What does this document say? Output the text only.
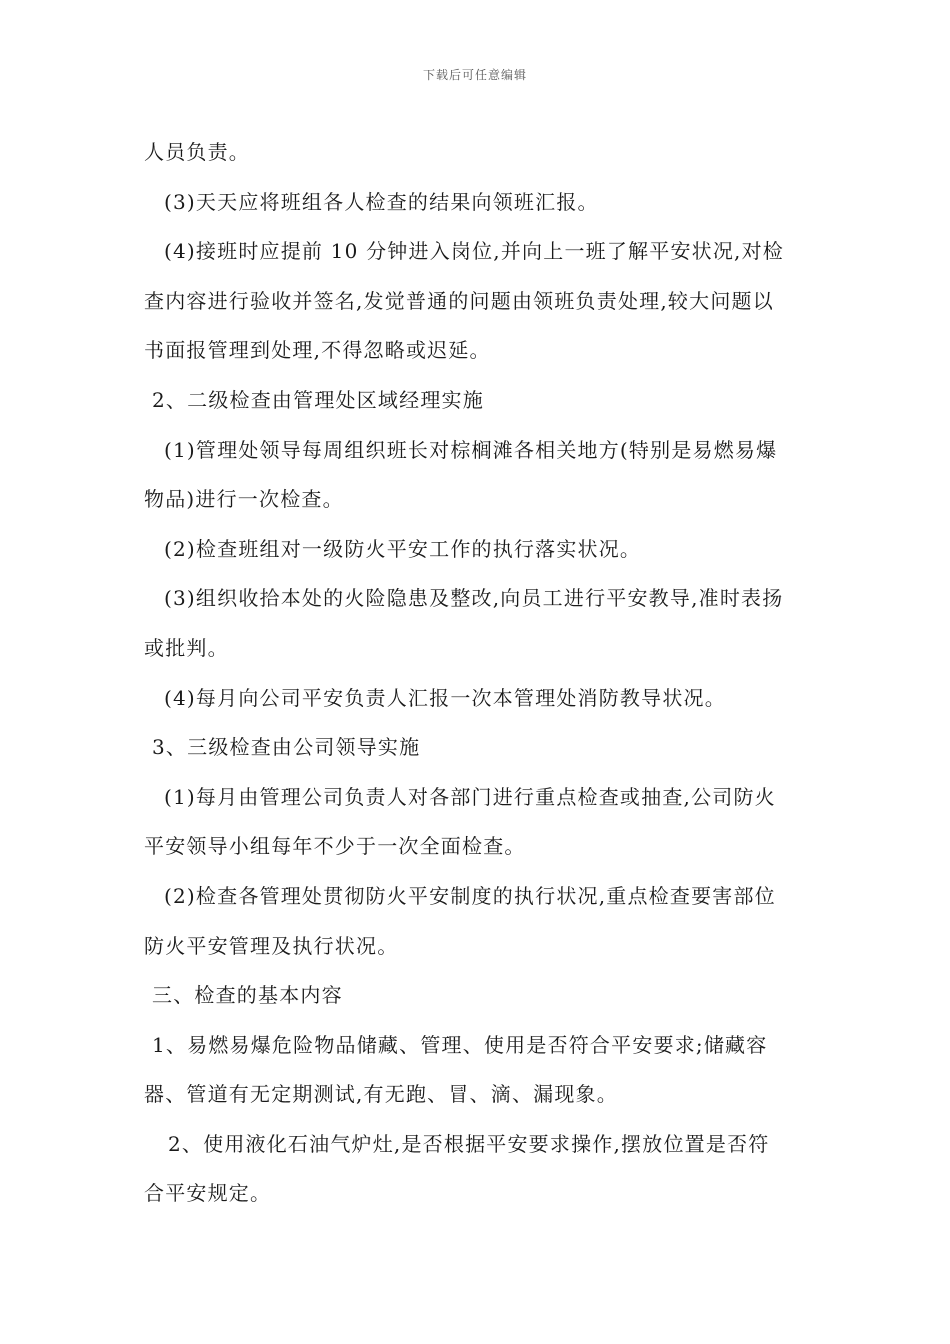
下载后可任意编辑
人员负责。
(3)天天应将班组各人检查的结果向领班汇报。
(4)接班时应提前 10 分钟进入岗位,并向上一班了解平安状况,对检
查内容进行验收并签名,发觉普通的问题由领班负责处理,较大问题以
书面报管理到处理,不得忽略或迟延。
2、二级检查由管理处区域经理实施
(1)管理处领导每周组织班长对棕榈滩各相关地方(特别是易燃易爆
物品)进行一次检查。
(2)检查班组对一级防火平安工作的执行落实状况。
(3)组织收拾本处的火险隐患及整改,向员工进行平安教导,准时表扬
或批判。
(4)每月向公司平安负责人汇报一次本管理处消防教导状况。
3、三级检查由公司领导实施
(1)每月由管理公司负责人对各部门进行重点检查或抽查,公司防火
平安领导小组每年不少于一次全面检查。
(2)检查各管理处贯彻防火平安制度的执行状况,重点检查要害部位
防火平安管理及执行状况。
三、检查的基本内容
1、易燃易爆危险物品储藏、管理、使用是否符合平安要求;储藏容
器、管道有无定期测试,有无跑、冒、滴、漏现象。
2、使用液化石油气炉灶,是否根据平安要求操作,摆放位置是否符
合平安规定。
